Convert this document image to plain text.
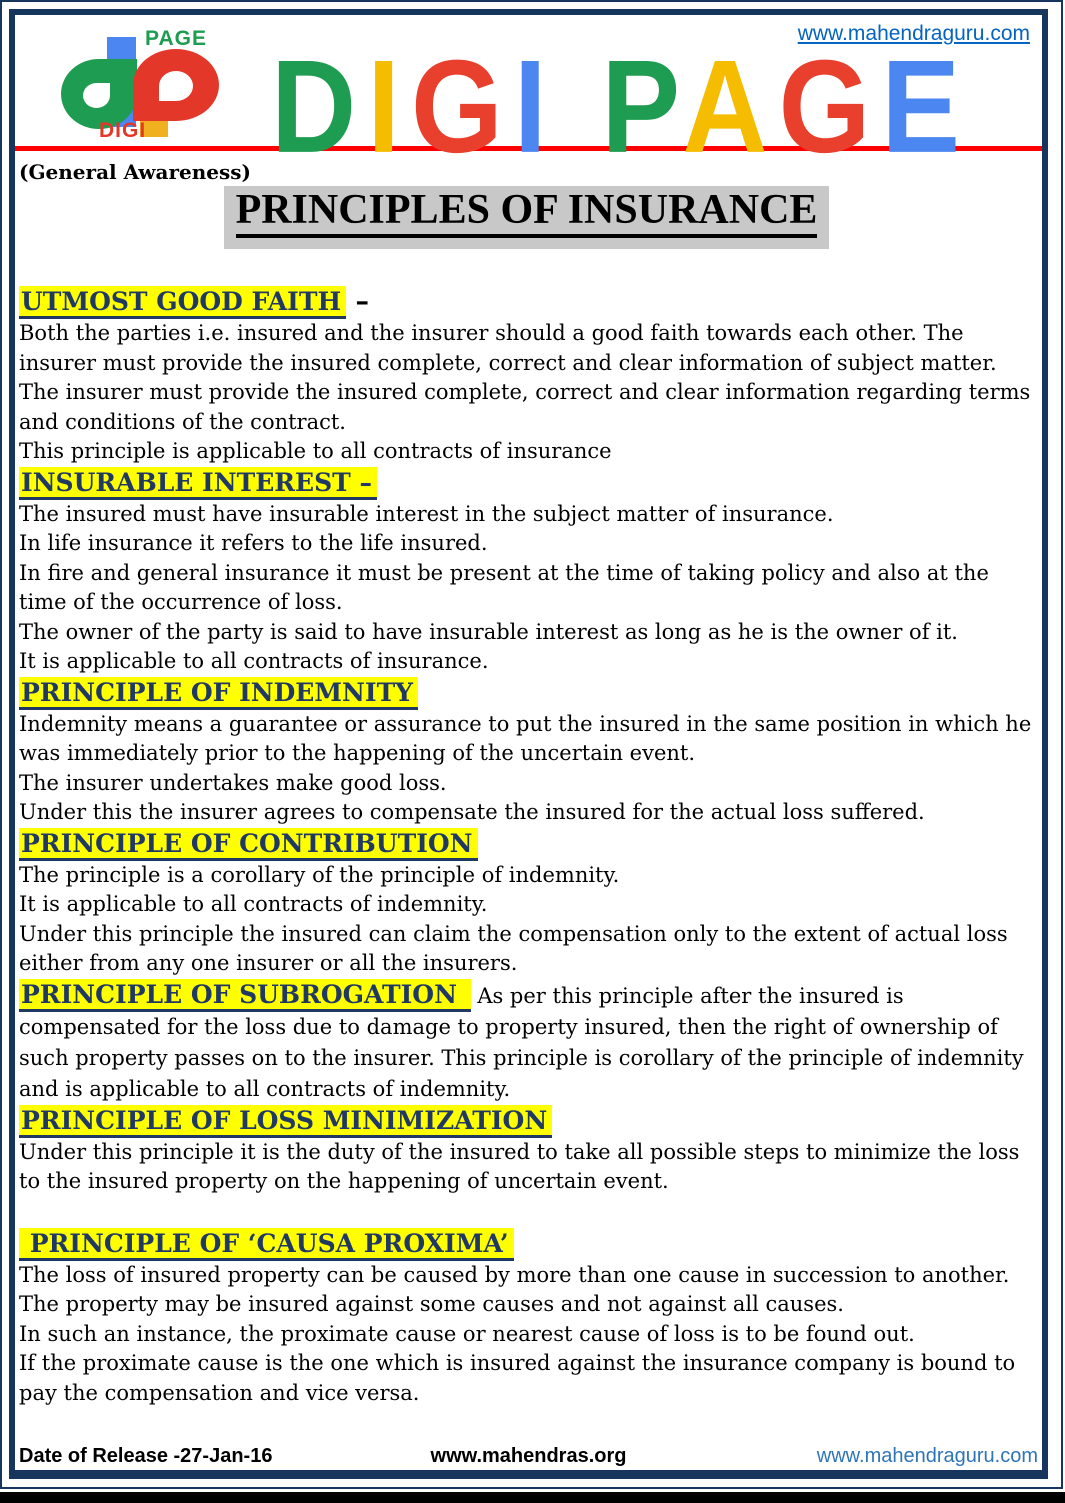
PAGE
DIGI DIGI PAGE
www.mahendraguru.com
(General Awareness)
PRINCIPLES OF INSURANCE

UTMOST GOOD FAITH –

Both the parties i.e. insured and the insurer should a good faith towards each other. The insurer must provide the insured complete, correct and clear information of subject matter.

The insurer must provide the insured complete, correct and clear information regarding terms and conditions of the contract.

This principle is applicable to all contracts of insurance

INSURABLE INTEREST –

The insured must have insurable interest in the subject matter of insurance.

In life insurance it refers to the life insured.

In fire and general insurance it must be present at the time of taking policy and also at the time of the occurrence of loss.

The owner of the party is said to have insurable interest as long as he is the owner of it.

It is applicable to all contracts of insurance.

PRINCIPLE OF INDEMNITY

Indemnity means a guarantee or assurance to put the insured in the same position in which he was immediately prior to the happening of the uncertain event.

The insurer undertakes make good loss.

Under this the insurer agrees to compensate the insured for the actual loss suffered.

PRINCIPLE OF CONTRIBUTION

The principle is a corollary of the principle of indemnity.

It is applicable to all contracts of indemnity.

Under this principle the insured can claim the compensation only to the extent of actual loss either from any one insurer or all the insurers.

PRINCIPLE OF SUBROGATION  As per this principle after the insured is compensated for the loss due to damage to property insured, then the right of ownership of such property passes on to the insurer. This principle is corollary of the principle of indemnity and is applicable to all contracts of indemnity.

PRINCIPLE OF LOSS MINIMIZATION

Under this principle it is the duty of the insured to take all possible steps to minimize the loss to the insured property on the happening of uncertain event.

PRINCIPLE OF ‘CAUSA PROXIMA’

The loss of insured property can be caused by more than one cause in succession to another. The property may be insured against some causes and not against all causes.

In such an instance, the proximate cause or nearest cause of loss is to be found out.

If the proximate cause is the one which is insured against the insurance company is bound to pay the compensation and vice versa.

Date of Release -27-Jan-16	www.mahendras.org	www.mahendraguru.com
